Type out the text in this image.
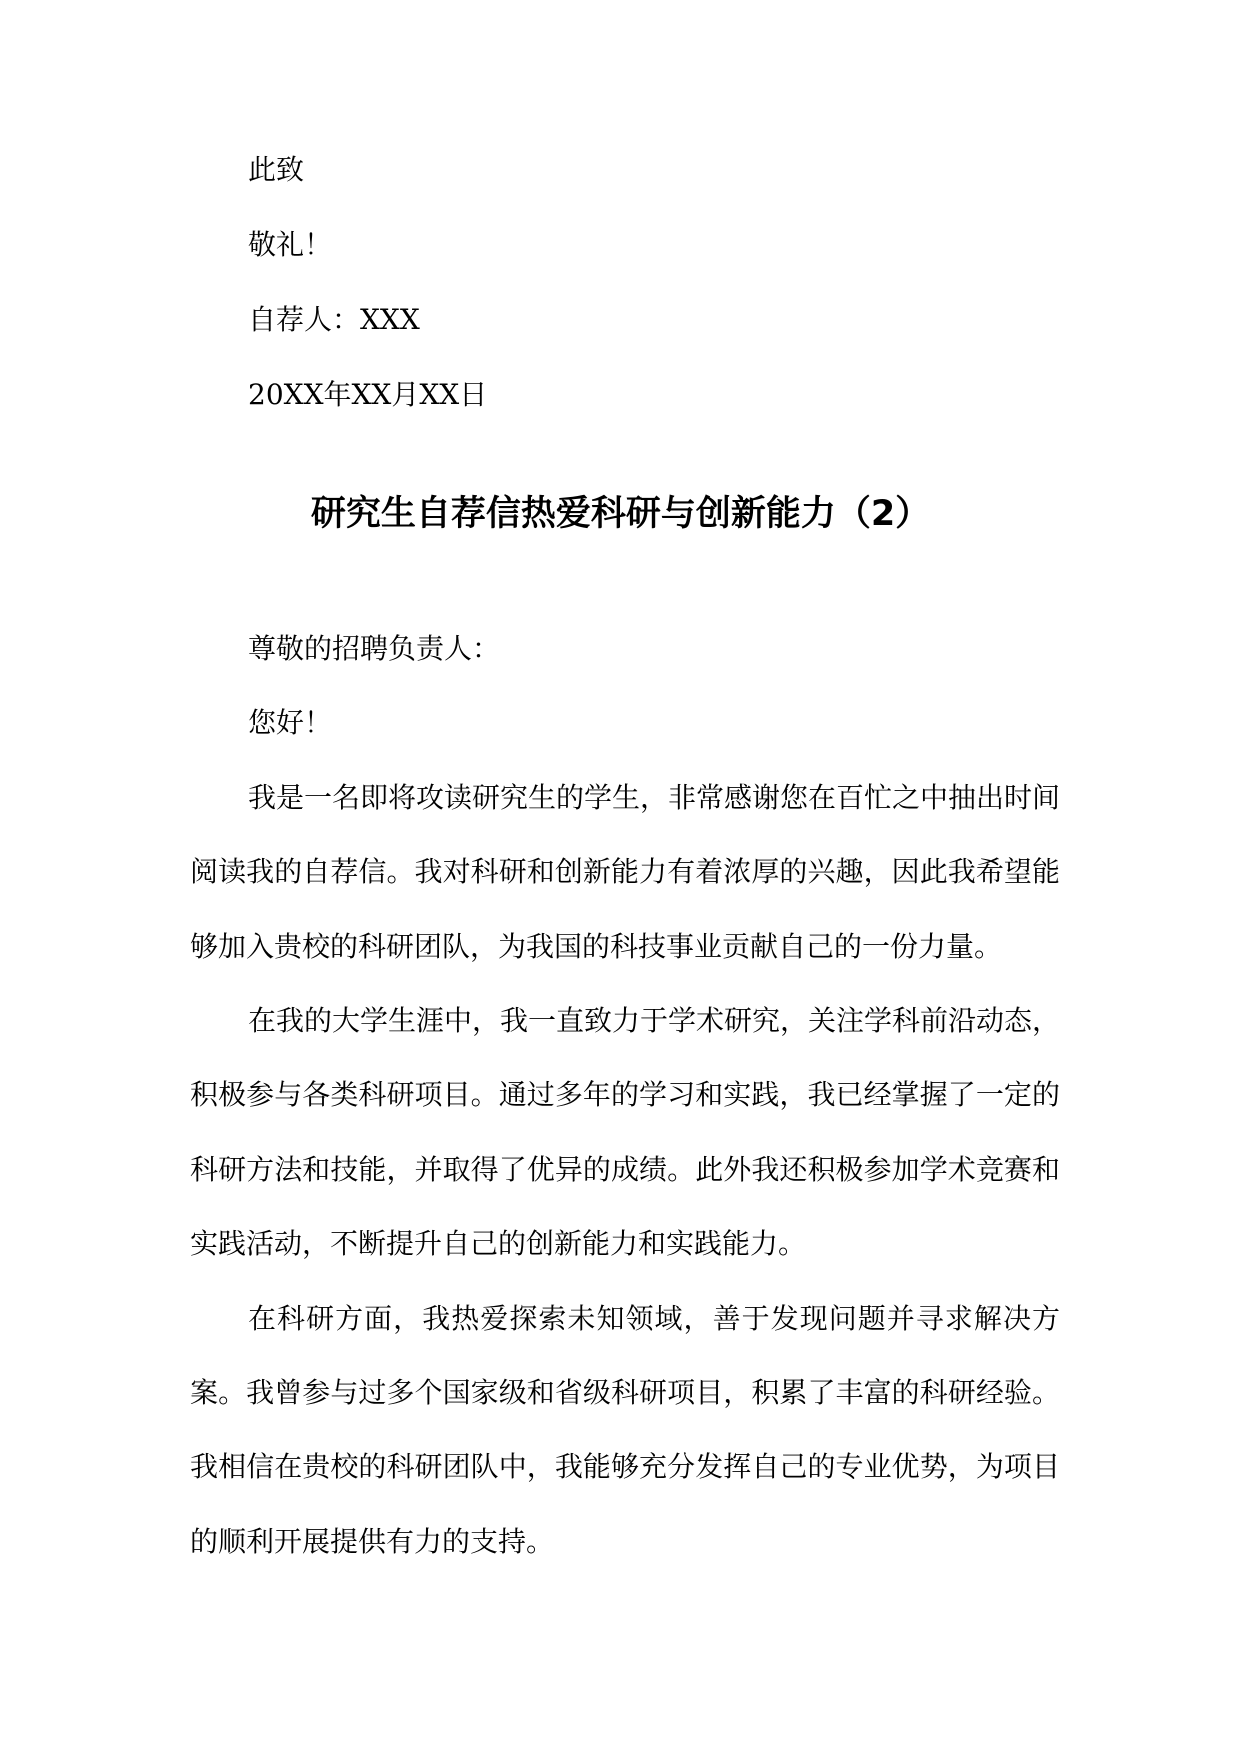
此致
敬礼！
自荐人：XXX
20XX年XX月XX日
研究生自荐信热爱科研与创新能力（2）

尊敬的招聘负责人：

您好！

我是一名即将攻读研究生的学生，非常感谢您在百忙之中抽出时间阅读我的自荐信。我对科研和创新能力有着浓厚的兴趣，因此我希望能够加入贵校的科研团队，为我国的科技事业贡献自己的一份力量。

在我的大学生涯中，我一直致力于学术研究，关注学科前沿动态，积极参与各类科研项目。通过多年的学习和实践，我已经掌握了一定的科研方法和技能，并取得了优异的成绩。此外我还积极参加学术竞赛和实践活动，不断提升自己的创新能力和实践能力。

在科研方面，我热爱探索未知领域，善于发现问题并寻求解决方案。我曾参与过多个国家级和省级科研项目，积累了丰富的科研经验。我相信在贵校的科研团队中，我能够充分发挥自己的专业优势，为项目的顺利开展提供有力的支持。
